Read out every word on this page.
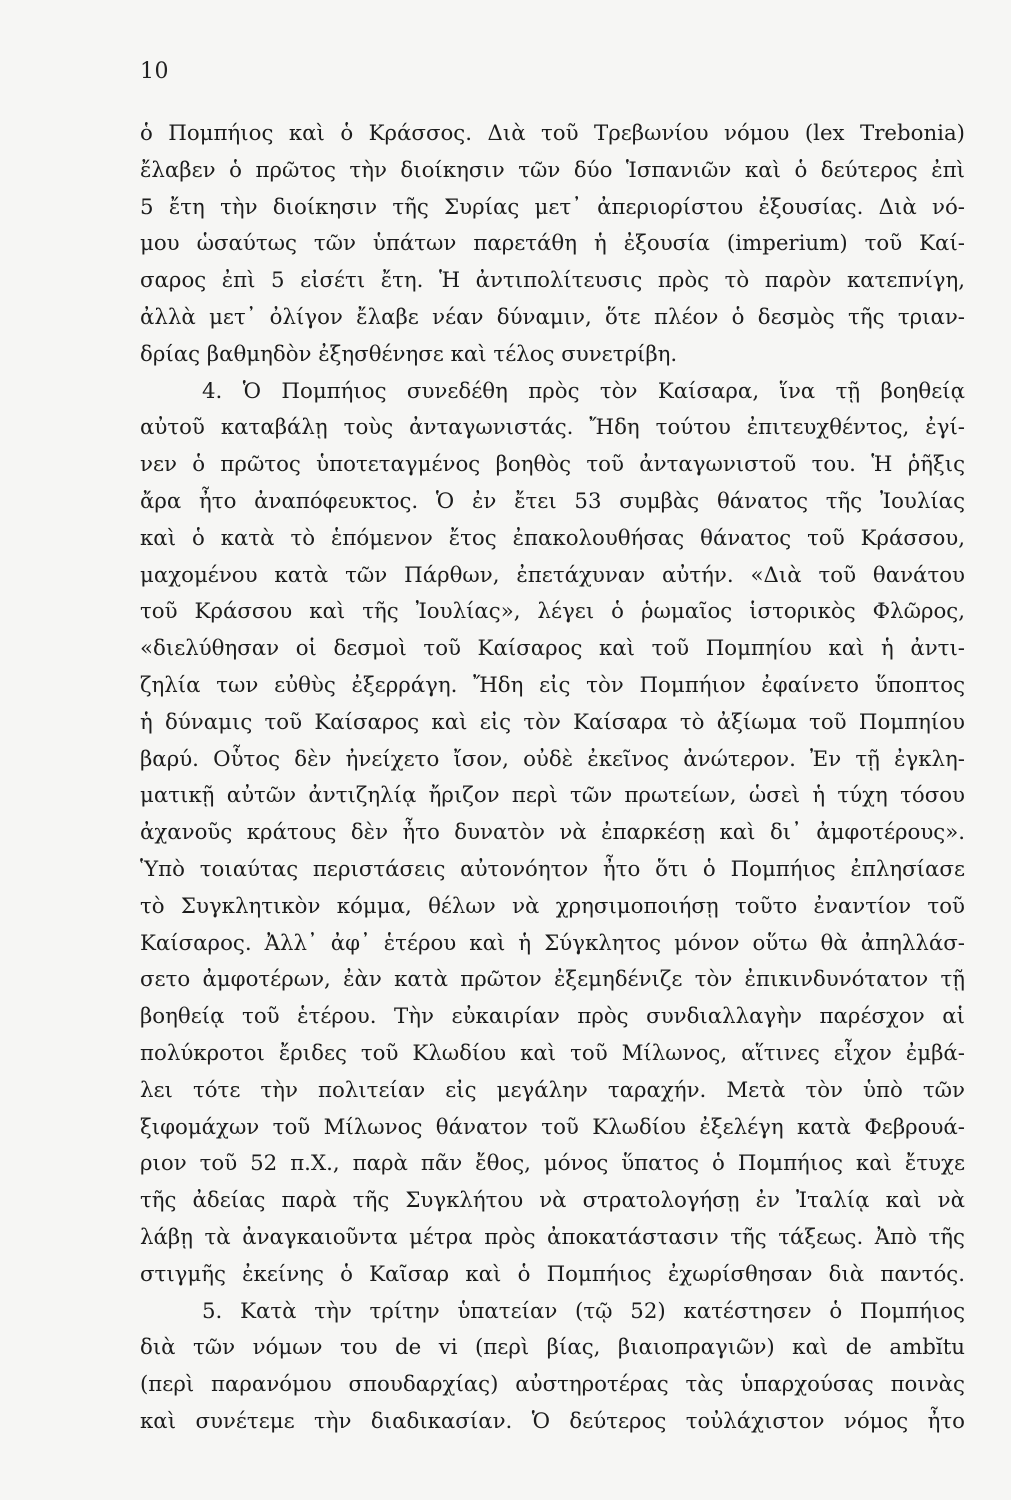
10
ὁ Πομπήιος καὶ ὁ Κράσσος. Διὰ τοῦ Τρεβωνίου νόμου (lex Trebonia)
ἔλαβεν ὁ πρῶτος τὴν διοίκησιν τῶν δύο Ἱσπανιῶν καὶ ὁ δεύτερος ἐπὶ
5 ἔτη τὴν διοίκησιν τῆς Συρίας μετ᾽ ἀπεριορίστου ἐξουσίας. Διὰ νό-
μου ὡσαύτως τῶν ὑπάτων παρετάθη ἡ ἐξουσία (imperium) τοῦ Καί-
σαρος ἐπὶ 5 εἰσέτι ἔτη. Ἡ ἀντιπολίτευσις πρὸς τὸ παρὸν κατεπνίγη,
ἀλλὰ μετ᾽ ὀλίγον ἔλαβε νέαν δύναμιν, ὅτε πλέον ὁ δεσμὸς τῆς τριαν-
δρίας βαθμηδὸν ἐξησθένησε καὶ τέλος συνετρίβη.
4. Ὁ Πομπήιος συνεδέθη πρὸς τὸν Καίσαρα, ἵνα τῇ βοηθείᾳ
αὐτοῦ καταβάλῃ τοὺς ἀνταγωνιστάς. Ἤδη τούτου ἐπιτευχθέντος, ἐγί-
νεν ὁ πρῶτος ὑποτεταγμένος βοηθὸς τοῦ ἀνταγωνιστοῦ του. Ἡ ῥῆξις
ἄρα ἦτο ἀναπόφευκτος. Ὁ ἐν ἔτει 53 συμβὰς θάνατος τῆς Ἰουλίας
καὶ ὁ κατὰ τὸ ἑπόμενον ἔτος ἐπακολουθήσας θάνατος τοῦ Κράσσου,
μαχομένου κατὰ τῶν Πάρθων, ἐπετάχυναν αὐτήν. «Διὰ τοῦ θανάτου
τοῦ Κράσσου καὶ τῆς Ἰουλίας», λέγει ὁ ῥωμαῖος ἱστορικὸς Φλῶρος,
«διελύθησαν οἱ δεσμοὶ τοῦ Καίσαρος καὶ τοῦ Πομπηίου καὶ ἡ ἀντι-
ζηλία των εὐθὺς ἐξερράγη. Ἤδη εἰς τὸν Πομπήιον ἐφαίνετο ὕποπτος
ἡ δύναμις τοῦ Καίσαρος καὶ εἰς τὸν Καίσαρα τὸ ἀξίωμα τοῦ Πομπηίου
βαρύ. Οὗτος δὲν ἠνείχετο ἴσον, οὐδὲ ἐκεῖνος ἀνώτερον. Ἐν τῇ ἐγκλη-
ματικῇ αὐτῶν ἀντιζηλίᾳ ἤριζον περὶ τῶν πρωτείων, ὡσεὶ ἡ τύχη τόσου
ἀχανοῦς κράτους δὲν ἦτο δυνατὸν νὰ ἐπαρκέσῃ καὶ δι᾽ ἀμφοτέρους».
Ὑπὸ τοιαύτας περιστάσεις αὐτονόητον ἦτο ὅτι ὁ Πομπήιος ἐπλησίασε
τὸ Συγκλητικὸν κόμμα, θέλων νὰ χρησιμοποιήσῃ τοῦτο ἐναντίον τοῦ
Καίσαρος. Ἀλλ᾽ ἀφ᾽ ἑτέρου καὶ ἡ Σύγκλητος μόνον οὕτω θὰ ἀπηλλάσ-
σετο ἀμφοτέρων, ἐὰν κατὰ πρῶτον ἐξεμηδένιζε τὸν ἐπικινδυνότατον τῇ
βοηθείᾳ τοῦ ἑτέρου. Τὴν εὐκαιρίαν πρὸς συνδιαλλαγὴν παρέσχον αἱ
πολύκροτοι ἔριδες τοῦ Κλωδίου καὶ τοῦ Μίλωνος, αἵτινες εἶχον ἐμβά-
λει τότε τὴν πολιτείαν εἰς μεγάλην ταραχήν. Μετὰ τὸν ὑπὸ τῶν
ξιφομάχων τοῦ Μίλωνος θάνατον τοῦ Κλωδίου ἐξελέγη κατὰ Φεβρουά-
ριον τοῦ 52 π.Χ., παρὰ πᾶν ἔθος, μόνος ὕπατος ὁ Πομπήιος καὶ ἔτυχε
τῆς ἀδείας παρὰ τῆς Συγκλήτου νὰ στρατολογήσῃ ἐν Ἰταλίᾳ καὶ νὰ
λάβῃ τὰ ἀναγκαιοῦντα μέτρα πρὸς ἀποκατάστασιν τῆς τάξεως. Ἀπὸ τῆς
στιγμῆς ἐκείνης ὁ Καῖσαρ καὶ ὁ Πομπήιος ἐχωρίσθησαν διὰ παντός.
5. Κατὰ τὴν τρίτην ὑπατείαν (τῷ 52) κατέστησεν ὁ Πομπήιος
διὰ τῶν νόμων του de vi (περὶ βίας, βιαιοπραγιῶν) καὶ de ambĭtu
(περὶ παρανόμου σπουδαρχίας) αὐστηροτέρας τὰς ὑπαρχούσας ποινὰς
καὶ συνέτεμε τὴν διαδικασίαν. Ὁ δεύτερος τοὐλάχιστον νόμος ἦτο
